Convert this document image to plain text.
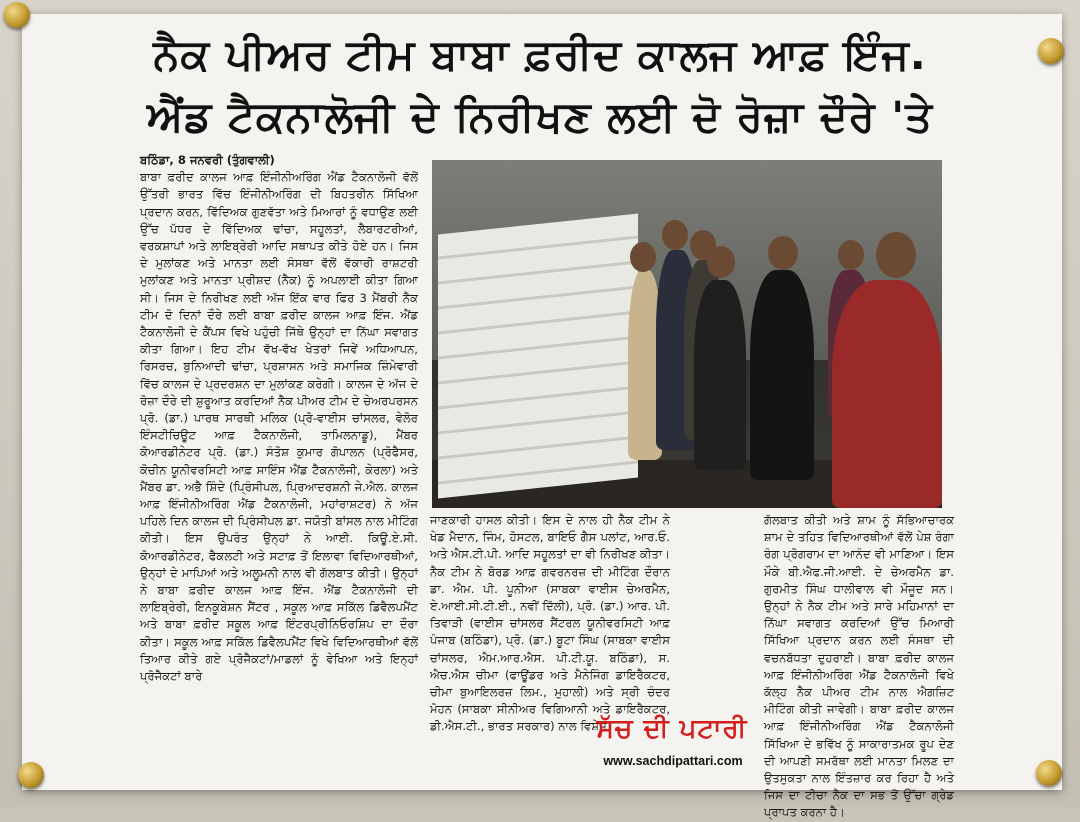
ਨੈਕ ਪੀਅਰ ਟੀਮ ਬਾਬਾ ਫ਼ਰੀਦ ਕਾਲਜ ਆਫ਼ ਇੰਜ.
ਐਂਡ ਟੈਕਨਾਲੋਜੀ ਦੇ ਨਿਰੀਖਣ ਲਈ ਦੋ ਰੋਜ਼ਾ ਦੌਰੇ 'ਤੇ

ਬਠਿੰਡਾ, 8 ਜਨਵਰੀ (ਤੁੰਗਵਾਲੀ)

ਬਾਬਾ ਫ਼ਰੀਦ ਕਾਲਜ ਆਫ਼ ਇੰਜੀਨੀਅਰਿੰਗ ਐਂਡ ਟੈਕਨਾਲੋਜੀ ਵੱਲੋਂ ਉੱਤਰੀ ਭਾਰਤ ਵਿੱਚ ਇੰਜੀਨੀਅਰਿੰਗ ਦੀ ਬਿਹਤਰੀਨ ਸਿੱਖਿਆ ਪ੍ਰਦਾਨ ਕਰਨ, ਵਿੱਦਿਅਕ ਗੁਣਵੱਤਾ ਅਤੇ ਮਿਆਰਾਂ ਨੂੰ ਵਧਾਉਣ ਲਈ ਉੱਚ ਪੱਧਰ ਦੇ ਵਿੱਦਿਅਕ ਢਾਂਚਾ, ਸਹੂਲਤਾਂ, ਲੈਬਾਰਟਰੀਆਂ, ਵਰਕਸ਼ਾਪਾਂ ਅਤੇ ਲਾਇਬ੍ਰੇਰੀ ਆਦਿ ਸਥਾਪਤ ਕੀਤੇ ਹੋਏ ਹਨ। ਜਿਸ ਦੇ ਮੁਲਾਂਕਣ ਅਤੇ ਮਾਨਤਾ ਲਈ ਸੰਸਥਾ ਵੱਲੋਂ ਵੱਕਾਰੀ ਰਾਸ਼ਟਰੀ ਮੁਲਾਂਕਣ ਅਤੇ ਮਾਨਤਾ ਪ੍ਰੀਸ਼ਦ (ਨੈਕ) ਨੂੰ ਅਪਲਾਈ ਕੀਤਾ ਗਿਆ ਸੀ। ਜਿਸ ਦੇ ਨਿਰੀਖਣ ਲਈ ਅੱਜ ਇੱਕ ਵਾਰ ਫਿਰ 3 ਮੈਂਬਰੀ ਨੈਕ ਟੀਮ ਦੋ ਦਿਨਾਂ ਦੌਰੇ ਲਈ ਬਾਬਾ ਫ਼ਰੀਦ ਕਾਲਜ ਆਫ਼ ਇੰਜ. ਐਂਡ ਟੈਕਨਾਲੋਜੀ ਦੇ ਕੈਂਪਸ ਵਿਖੇ ਪਹੁੰਚੀ ਜਿੱਥੇ ਉਨ੍ਹਾਂ ਦਾ ਨਿੱਘਾ ਸਵਾਗਤ ਕੀਤਾ ਗਿਆ। ਇਹ ਟੀਮ ਵੱਖ-ਵੱਖ ਖੇਤਰਾਂ ਜਿਵੇਂ ਅਧਿਆਪਨ, ਰਿਸਰਚ, ਬੁਨਿਆਦੀ ਢਾਂਚਾ, ਪ੍ਰਸ਼ਾਸਨ ਅਤੇ ਸਮਾਜਿਕ ਜ਼ਿੰਮੇਵਾਰੀ ਵਿੱਚ ਕਾਲਜ ਦੇ ਪ੍ਰਦਰਸ਼ਨ ਦਾ ਮੁਲਾਂਕਣ ਕਰੇਗੀ। ਕਾਲਜ ਦੇ ਅੱਜ ਦੇ ਰੋਜ਼ਾ ਦੌਰੇ ਦੀ ਸ਼ੁਰੂਆਤ ਕਰਦਿਆਂ ਨੈਕ ਪੀਅਰ ਟੀਮ ਦੇ ਚੇਅਰਪਰਸਨ ਪ੍ਰੋ. (ਡਾ.) ਪਾਰਥ ਸਾਰਥੀ ਮਲਿਕ (ਪ੍ਰੋ-ਵਾਈਸ ਚਾਂਸਲਰ, ਵੇਲੋਰ ਇੰਸਟੀਚਿਊਟ ਆਫ਼ ਟੈਕਨਾਲੋਜੀ, ਤਾਮਿਲਨਾਡੂ), ਮੈਂਬਰ ਕੋਆਰਡੀਨੇਟਰ ਪ੍ਰੋ. (ਡਾ.) ਸੰਤੋਸ਼ ਕੁਮਾਰ ਗੋਪਾਲਨ (ਪ੍ਰੋਫੈਸਰ, ਕੋਚੀਨ ਯੂਨੀਵਰਸਿਟੀ ਆਫ਼ ਸਾਇੰਸ ਐਂਡ ਟੈਕਨਾਲੋਜੀ, ਕੇਰਲਾ) ਅਤੇ ਮੈਂਬਰ ਡਾ. ਅਭੈ ਸ਼ਿੰਦੇ (ਪ੍ਰਿੰਸੀਪਲ, ਪ੍ਰਿਆਦਰਸ਼ਨੀ ਜੇ.ਐਲ. ਕਾਲਜ ਆਫ਼ ਇੰਜੀਨੀਅਰਿੰਗ ਐਂਡ ਟੈਕਨਾਲੋਜੀ, ਮਹਾਂਰਾਸ਼ਟਰ) ਨੇ ਅੱਜ ਪਹਿਲੇ ਦਿਨ ਕਾਲਜ ਦੀ ਪ੍ਰਿੰਸੀਪਲ ਡਾ. ਜਯੋਤੀ ਬਾਂਸਲ ਨਾਲ ਮੀਟਿੰਗ ਕੀਤੀ। ਇਸ ਉਪਰੰਤ ਉਨ੍ਹਾਂ ਨੇ ਆਈ. ਕਿਊ.ਏ.ਸੀ. ਕੋਆਰਡੀਨੇਟਰ, ਫੈਕਲਟੀ ਅਤੇ ਸਟਾਫ਼ ਤੋਂ ਇਲਾਵਾ ਵਿਦਿਆਰਥੀਆਂ, ਉਨ੍ਹਾਂ ਦੇ ਮਾਪਿਆਂ ਅਤੇ ਅਲੂਮਨੀ ਨਾਲ ਵੀ ਗੱਲਬਾਤ ਕੀਤੀ। ਉਨ੍ਹਾਂ ਨੇ ਬਾਬਾ ਫ਼ਰੀਦ ਕਾਲਜ ਆਫ਼ ਇੰਜ. ਐਂਡ ਟੈਕਨਾਲੋਜੀ ਦੀ ਲਾਇਬ੍ਰੇਰੀ, ਇਨਕੂਬੇਸ਼ਨ ਸੈਂਟਰ , ਸਕੂਲ ਆਫ਼ ਸਕਿੱਲ ਡਿਵੈਲਪਮੈਂਟ ਅਤੇ ਬਾਬਾ ਫ਼ਰੀਦ ਸਕੂਲ ਆਫ਼ ਇੰਟਰਪ੍ਰੀਨਿਓਰਸ਼ਿਪ ਦਾ ਦੌਰਾ ਕੀਤਾ। ਸਕੂਲ ਆਫ਼ ਸਕਿੱਲ ਡਿਵੈਲਪਮੈਂਟ ਵਿਖੇ ਵਿਦਿਆਰਥੀਆਂ ਵੱਲੋਂ ਤਿਆਰ ਕੀਤੇ ਗਏ ਪ੍ਰੋਜੈਕਟਾਂ/ਮਾਡਲਾਂ ਨੂੰ ਵੇਖਿਆ ਅਤੇ ਇਨ੍ਹਾਂ ਪ੍ਰੋਜੈਕਟਾਂ ਬਾਰੇ

ਜਾਣਕਾਰੀ ਹਾਸਲ ਕੀਤੀ। ਇਸ ਦੇ ਨਾਲ ਹੀ ਨੈਕ ਟੀਮ ਨੇ ਖੇਡ ਮੈਦਾਨ, ਜਿੰਮ, ਹੋਸਟਲ, ਬਾਇਓ ਗੈਸ ਪਲਾਂਟ, ਆਰ.ਓ. ਅਤੇ ਐਸ.ਟੀ.ਪੀ. ਆਦਿ ਸਹੂਲਤਾਂ ਦਾ ਵੀ ਨਿਰੀਖਣ ਕੀਤਾ। ਨੈਕ ਟੀਮ ਨੇ ਬੋਰਡ ਆਫ਼ ਗਵਰਨਰਜ਼ ਦੀ ਮੀਟਿੰਗ ਦੌਰਾਨ ਡਾ. ਐਮ. ਪੀ. ਪੂਨੀਆ (ਸਾਬਕਾ ਵਾਈਸ ਚੇਅਰਮੈਨ, ਏ.ਆਈ.ਸੀ.ਟੀ.ਈ., ਨਵੀਂ ਦਿੱਲੀ), ਪ੍ਰੋ. (ਡਾ.) ਆਰ. ਪੀ. ਤਿਵਾੜੀ (ਵਾਈਸ ਚਾਂਸਲਰ ਸੈਂਟਰਲ ਯੂਨੀਵਰਸਿਟੀ ਆਫ਼ ਪੰਜਾਬ (ਬਠਿੰਡਾ), ਪ੍ਰੋ. (ਡਾ.) ਬੂਟਾ ਸਿੰਘ (ਸਾਬਕਾ ਵਾਈਸ ਚਾਂਸਲਰ, ਐਮ.ਆਰ.ਐਸ. ਪੀ.ਟੀ.ਯੂ. ਬਠਿੰਡਾ), ਸ. ਐਚ.ਐਸ ਚੀਮਾ (ਫਾਊਂਡਰ ਅਤੇ ਮੈਨੇਜਿੰਗ ਡਾਇਰੈਕਟਰ, ਚੀਮਾ ਬੁਆਇਲਰਜ਼ ਲਿਮ., ਮੁਹਾਲੀ) ਅਤੇ ਸ੍ਰੀ ਚੰਦਰ ਮੋਹਨ (ਸਾਬਕਾ ਸੀਨੀਅਰ ਵਿਗਿਆਨੀ ਅਤੇ ਡਾਇਰੈਕਟਰ, ਡੀ.ਐਸ.ਟੀ., ਭਾਰਤ ਸਰਕਾਰ) ਨਾਲ ਵਿਸ਼ੇਸ਼

ਗੱਲਬਾਤ ਕੀਤੀ ਅਤੇ ਸ਼ਾਮ ਨੂੰ ਸੱਭਿਆਚਾਰਕ ਸ਼ਾਮ ਦੇ ਤਹਿਤ ਵਿਦਿਆਰਥੀਆਂ ਵੱਲੋਂ ਪੇਸ਼ ਰੰਗਾ ਰੰਗ ਪ੍ਰੋਗਰਾਮ ਦਾ ਆਨੰਦ ਵੀ ਮਾਣਿਆ। ਇਸ ਮੌਕੇ ਬੀ.ਐਫ.ਜੀ.ਆਈ. ਦੇ ਚੇਅਰਮੈਨ ਡਾ. ਗੁਰਮੀਤ ਸਿੰਘ ਧਾਲੀਵਾਲ ਵੀ ਮੌਜੂਦ ਸਨ। ਉਨ੍ਹਾਂ ਨੇ ਨੈਕ ਟੀਮ ਅਤੇ ਸਾਰੇ ਮਹਿਮਾਨਾਂ ਦਾ ਨਿੱਘਾ ਸਵਾਗਤ ਕਰਦਿਆਂ ਉੱਚ ਮਿਆਰੀ ਸਿੱਖਿਆ ਪ੍ਰਦਾਨ ਕਰਨ ਲਈ ਸੰਸਥਾ ਦੀ ਵਚਨਬੱਧਤਾ ਦੁਹਰਾਈ। ਬਾਬਾ ਫ਼ਰੀਦ ਕਾਲਜ ਆਫ਼ ਇੰਜੀਨੀਅਰਿੰਗ ਐਂਡ ਟੈਕਨਾਲੋਜੀ ਵਿਖੇ ਕੱਲ੍ਹ ਨੈਕ ਪੀਅਰ ਟੀਮ ਨਾਲ ਐਗਜ਼ਿਟ ਮੀਟਿੰਗ ਕੀਤੀ ਜਾਵੇਗੀ। ਬਾਬਾ ਫ਼ਰੀਦ ਕਾਲਜ ਆਫ਼ ਇੰਜੀਨੀਅਰਿੰਗ ਐਂਡ ਟੈਕਨਾਲੋਜੀ ਸਿੱਖਿਆ ਦੇ ਭਵਿੱਖ ਨੂੰ ਸਾਕਾਰਾਤਮਕ ਰੂਪ ਦੇਣ ਦੀ ਆਪਣੀ ਸਮਰੱਥਾ ਲਈ ਮਾਨਤਾ ਮਿਲਣ ਦਾ ਉਤਸੁਕਤਾ ਨਾਲ ਇੰਤਜ਼ਾਰ ਕਰ ਰਿਹਾ ਹੈ ਅਤੇ ਜਿਸ ਦਾ ਟੀਚਾ ਨੈਕ ਦਾ ਸਭ ਤੋਂ ਉੱਚਾ ਗ੍ਰੇਡ ਪ੍ਰਾਪਤ ਕਰਨਾ ਹੈ।

ਸੱਚ ਦੀ ਪਟਾਰੀ
www.sachdipattari.com
